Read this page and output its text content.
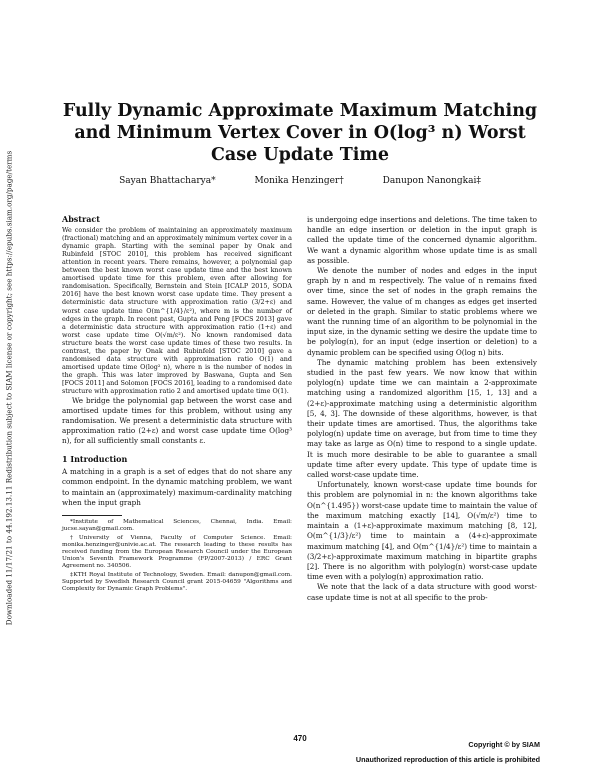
Downloaded 11/17/21 to 44.192.13.11 Redistribution subject to SIAM license or copyright; see https://epubs.siam.org/page/terms
Fully Dynamic Approximate Maximum Matching and Minimum Vertex Cover in O(log³ n) Worst Case Update Time
Sayan Bhattacharya*	Monika Henzinger†	Danupon Nanongkai‡
Abstract

We consider the problem of maintaining an approximately maximum (fractional) matching and an approximately minimum vertex cover in a dynamic graph. Starting with the seminal paper by Onak and Rubinfeld [STOC 2010], this problem has received significant attention in recent years. There remains, however, a polynomial gap between the best known worst case update time and the best known amortised update time for this problem, even after allowing for randomisation. Specifically, Bernstein and Stein [ICALP 2015, SODA 2016] have the best known worst case update time. They present a deterministic data structure with approximation ratio (3/2+ε) and worst case update time O(m^{1/4}/ε²), where m is the number of edges in the graph. In recent past, Gupta and Peng [FOCS 2013] gave a deterministic data structure with approximation ratio (1+ε) and worst case update time O(√m/ε²). No known randomised data structure beats the worst case update times of these two results. In contrast, the paper by Onak and Rubinfeld [STOC 2010] gave a randomised data structure with approximation ratio O(1) and amortised update time O(log² n), where n is the number of nodes in the graph. This was later improved by Baswana, Gupta and Sen [FOCS 2011] and Solomon [FOCS 2016], leading to a randomised date structure with approximation ratio 2 and amortised update time O(1).

We bridge the polynomial gap between the worst case and amortised update times for this problem, without using any randomisation. We present a deterministic data structure with approximation ratio (2+ε) and worst case update time O(log³ n), for all sufficiently small constants ε.

1 Introduction

A matching in a graph is a set of edges that do not share any common endpoint. In the dynamic matching problem, we want to maintain an (approximately) maximum-cardinality matching when the input graph

*Institute of Mathematical Sciences, Chennai, India. Email: jucse.sayan@gmail.com.

†University of Vienna, Faculty of Computer Science. Email: monika.henzinger@univie.ac.at. The research leading to these results has received funding from the European Research Council under the European Union's Seventh Framework Programme (FP/2007-2013) / ERC Grant Agreement no. 340506.

‡KTH Royal Institute of Technology, Sweden. Email: danupon@gmail.com. Supported by Swedish Research Council grant 2015-04659 "Algorithms and Complexity for Dynamic Graph Problems".

is undergoing edge insertions and deletions. The time taken to handle an edge insertion or deletion in the input graph is called the update time of the concerned dynamic algorithm. We want a dynamic algorithm whose update time is as small as possible.

We denote the number of nodes and edges in the input graph by n and m respectively. The value of n remains fixed over time, since the set of nodes in the graph remains the same. However, the value of m changes as edges get inserted or deleted in the graph. Similar to static problems where we want the running time of an algorithm to be polynomial in the input size, in the dynamic setting we desire the update time to be polylog(n), for an input (edge insertion or deletion) to a dynamic problem can be specified using O(log n) bits.

The dynamic matching problem has been extensively studied in the past few years. We now know that within polylog(n) update time we can maintain a 2-approximate matching using a randomized algorithm [15, 1, 13] and a (2+ε)-approximate matching using a deterministic algorithm [5, 4, 3]. The downside of these algorithms, however, is that their update times are amortised. Thus, the algorithms take polylog(n) update time on average, but from time to time they may take as large as O(n) time to respond to a single update. It is much more desirable to be able to guarantee a small update time after every update. This type of update time is called worst-case update time.

Unfortunately, known worst-case update time bounds for this problem are polynomial in n: the known algorithms take O(n^{1.495}) worst-case update time to maintain the value of the maximum matching exactly [14], O(√m/ε²) time to maintain a (1+ε)-approximate maximum matching [8, 12], O(m^{1/3}/ε²) time to maintain a (4+ε)-approximate maximum matching [4], and O(m^{1/4}/ε²) time to maintain a (3/2+ε)-approximate maximum matching in bipartite graphs [2]. There is no algorithm with polylog(n) worst-case update time even with a polylog(n) approximation ratio.

We note that the lack of a data structure with good worst-case update time is not at all specific to the prob-

470
Copyright © by SIAM
Unauthorized reproduction of this article is prohibited
